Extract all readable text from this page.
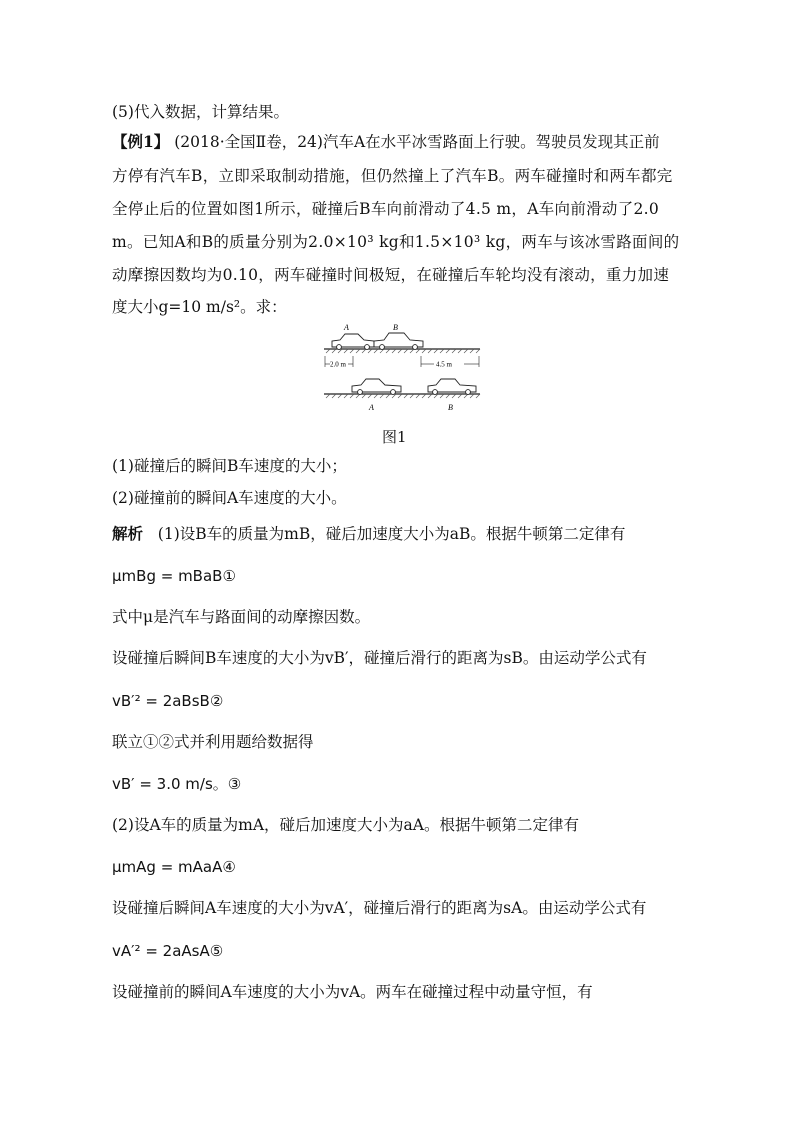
(5)代入数据，计算结果。
【例1】 (2018·全国Ⅱ卷，24)汽车A在水平冰雪路面上行驶。驾驶员发现其正前
方停有汽车B，立即采取制动措施，但仍然撞上了汽车B。两车碰撞时和两车都完
全停止后的位置如图1所示，碰撞后B车向前滑动了4.5 m，A车向前滑动了2.0
m。已知A和B的质量分别为2.0×10³ kg和1.5×10³ kg，两车与该冰雪路面间的
动摩擦因数均为0.10，两车碰撞时间极短，在碰撞后车轮均没有滚动，重力加速
度大小g=10 m/s²。求：
A	B
2.0 m	4.5 m
A	B
图1
(1)碰撞后的瞬间B车速度的大小；
(2)碰撞前的瞬间A车速度的大小。
解析 (1)设B车的质量为mB，碰后加速度大小为aB。根据牛顿第二定律有
μmBg = mBaB①
式中μ是汽车与路面间的动摩擦因数。
设碰撞后瞬间B车速度的大小为vB′，碰撞后滑行的距离为sB。由运动学公式有
vB′² = 2aBsB②
联立①②式并利用题给数据得
vB′ = 3.0 m/s。③
(2)设A车的质量为mA，碰后加速度大小为aA。根据牛顿第二定律有
μmAg = mAaA④
设碰撞后瞬间A车速度的大小为vA′，碰撞后滑行的距离为sA。由运动学公式有
vA′² = 2aAsA⑤
设碰撞前的瞬间A车速度的大小为vA。两车在碰撞过程中动量守恒，有
